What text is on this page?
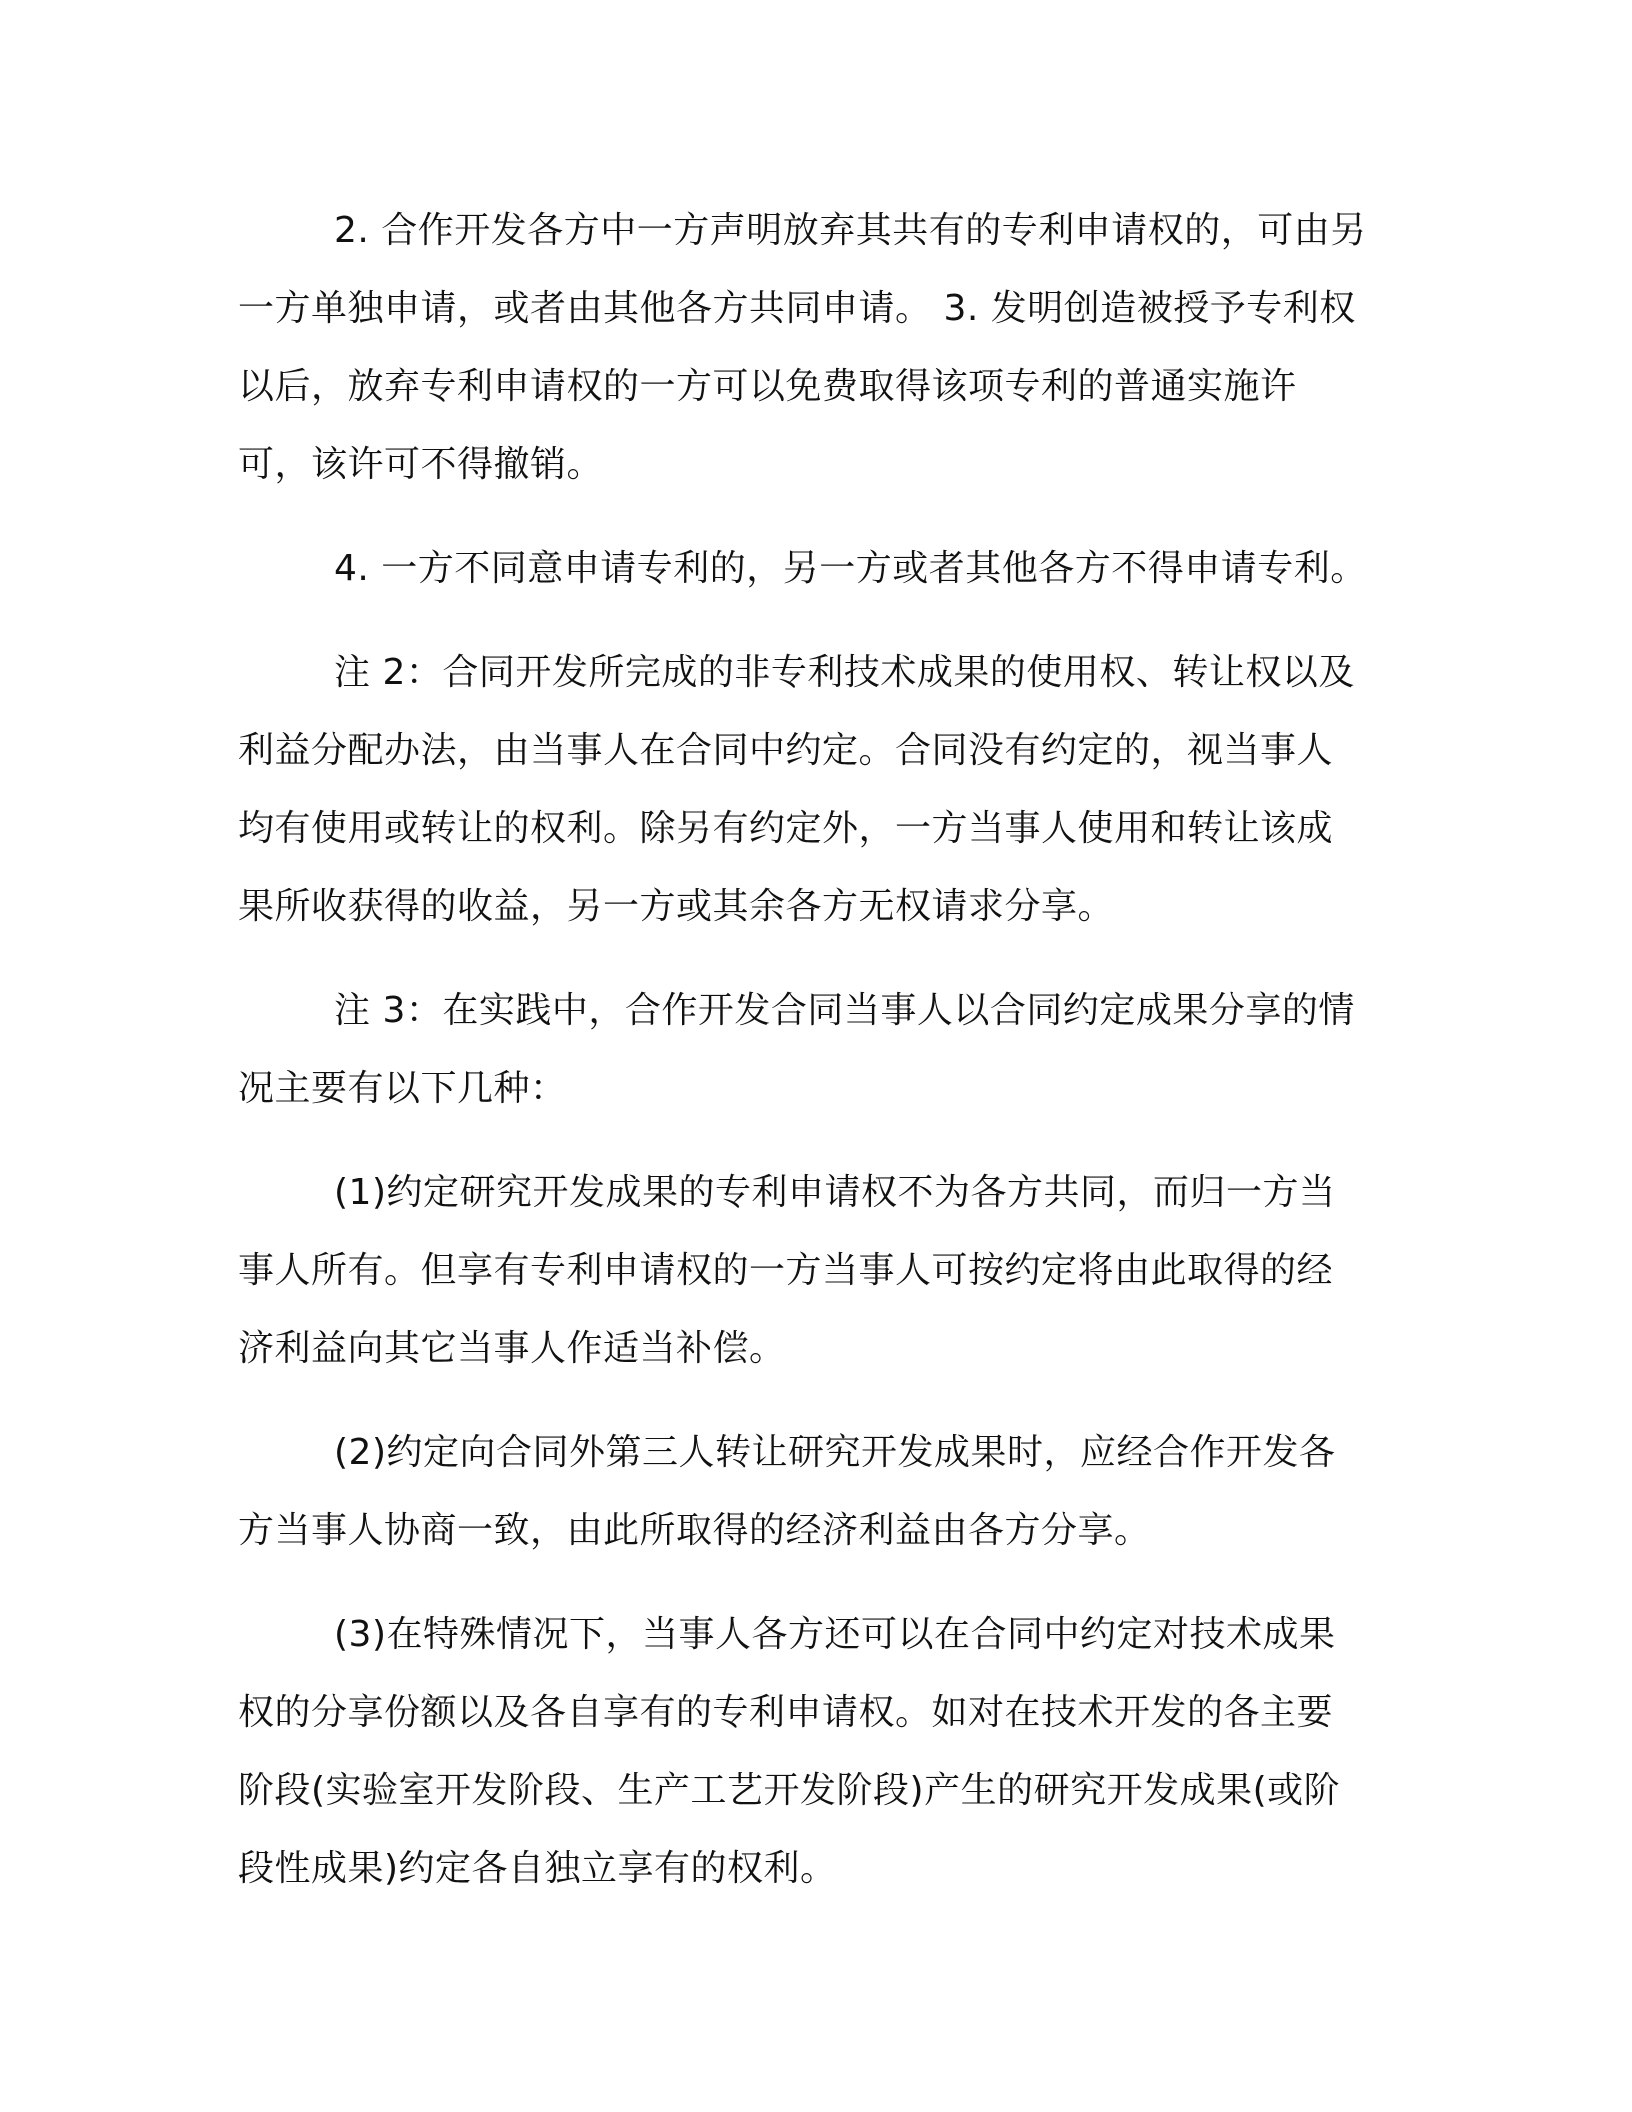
2. 合作开发各方中一方声明放弃其共有的专利申请权的，可由另
一方单独申请，或者由其他各方共同申请。 3. 发明创造被授予专利权
以后，放弃专利申请权的一方可以免费取得该项专利的普通实施许
可，该许可不得撤销。
4. 一方不同意申请专利的，另一方或者其他各方不得申请专利。
注 2：合同开发所完成的非专利技术成果的使用权、转让权以及
利益分配办法，由当事人在合同中约定。合同没有约定的，视当事人
均有使用或转让的权利。除另有约定外，一方当事人使用和转让该成
果所收获得的收益，另一方或其余各方无权请求分享。
注 3：在实践中，合作开发合同当事人以合同约定成果分享的情
况主要有以下几种：
(1)约定研究开发成果的专利申请权不为各方共同，而归一方当
事人所有。但享有专利申请权的一方当事人可按约定将由此取得的经
济利益向其它当事人作适当补偿。
(2)约定向合同外第三人转让研究开发成果时，应经合作开发各
方当事人协商一致，由此所取得的经济利益由各方分享。
(3)在特殊情况下，当事人各方还可以在合同中约定对技术成果
权的分享份额以及各自享有的专利申请权。如对在技术开发的各主要
阶段(实验室开发阶段、生产工艺开发阶段)产生的研究开发成果(或阶
段性成果)约定各自独立享有的权利。
